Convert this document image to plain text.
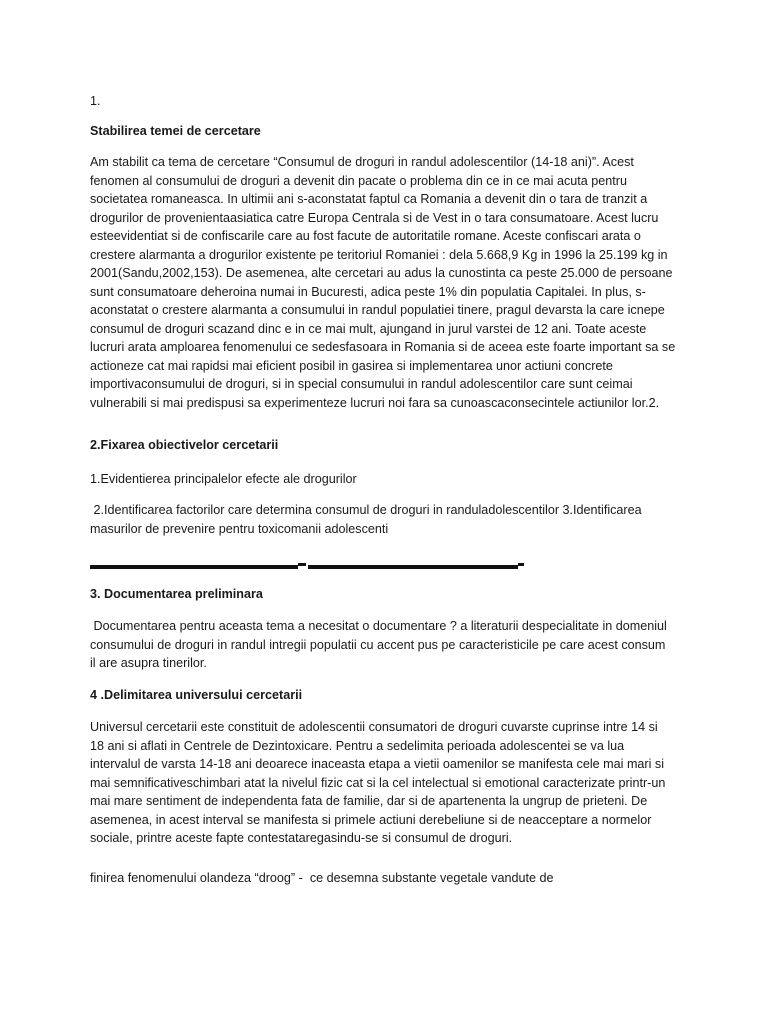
1.
Stabilirea temei de cercetare
Am stabilit ca tema de cercetare “Consumul de droguri in randul adolescentilor (14-18 ani)”. Acest
fenomen al consumului de droguri a devenit din pacate o problema din ce in ce mai acuta pentru
societatea romaneasca. In ultimii ani s-aconstatat faptul ca Romania a devenit din o tara de tranzit a
drogurilor de provenientaasiatica catre Europa Centrala si de Vest in o tara consumatoare. Acest lucru
esteevidentiat si de confiscarile care au fost facute de autoritatile romane. Aceste confiscari arata o
crestere alarmanta a drogurilor existente pe teritoriul Romaniei : dela 5.668,9 Kg in 1996 la 25.199 kg in
2001(Sandu,2002,153). De asemenea, alte cercetari au adus la cunostinta ca peste 25.000 de persoane
sunt consumatoare deheroina numai in Bucuresti, adica peste 1% din populatia Capitalei. In plus, s-
aconstatat o crestere alarmanta a consumului in randul populatiei tinere, pragul devarsta la care icnepe
consumul de droguri scazand dinc e in ce mai mult, ajungand in jurul varstei de 12 ani. Toate aceste
lucruri arata amploarea fenomenului ce sedesfasoara in Romania si de aceea este foarte important sa se
actioneze cat mai rapidsi mai eficient posibil in gasirea si implementarea unor actiuni concrete
importivaconsumului de droguri, si in special consumului in randul adolescentilor care sunt ceimai
vulnerabili si mai predispusi sa experimenteze lucruri noi fara sa cunoascaconsecintele actiunilor lor.2.
2.Fixarea obiectivelor cercetarii
1.Evidentierea principalelor efecte ale drogurilor
2.Identificarea factorilor care determina consumul de droguri in randuladolescentilor 3.Identificarea
masurilor de prevenire pentru toxicomanii adolescenti
3. Documentarea preliminara
Documentarea pentru aceasta tema a necesitat o documentare ? a literaturii despecialitate in domeniul
consumului de droguri in randul intregii populatii cu accent pus pe caracteristicile pe care acest consum
il are asupra tinerilor.
4 .Delimitarea universului cercetarii
Universul cercetarii este constituit de adolescentii consumatori de droguri cuvarste cuprinse intre 14 si
18 ani si aflati in Centrele de Dezintoxicare. Pentru a sedelimita perioada adolescentei se va lua
intervalul de varsta 14-18 ani deoarece inaceasta etapa a vietii oamenilor se manifesta cele mai mari si
mai semnificativeschimbari atat la nivelul fizic cat si la cel intelectual si emotional caracterizate printr-un
mai mare sentiment de independenta fata de familie, dar si de apartenenta la ungrup de prieteni. De
asemenea, in acest interval se manifesta si primele actiuni derebeliune si de neacceptare a normelor
sociale, printre aceste fapte contestataregasindu-se si consumul de droguri.
finirea fenomenului olandeza “droog” -  ce desemna substante vegetale vandute de
